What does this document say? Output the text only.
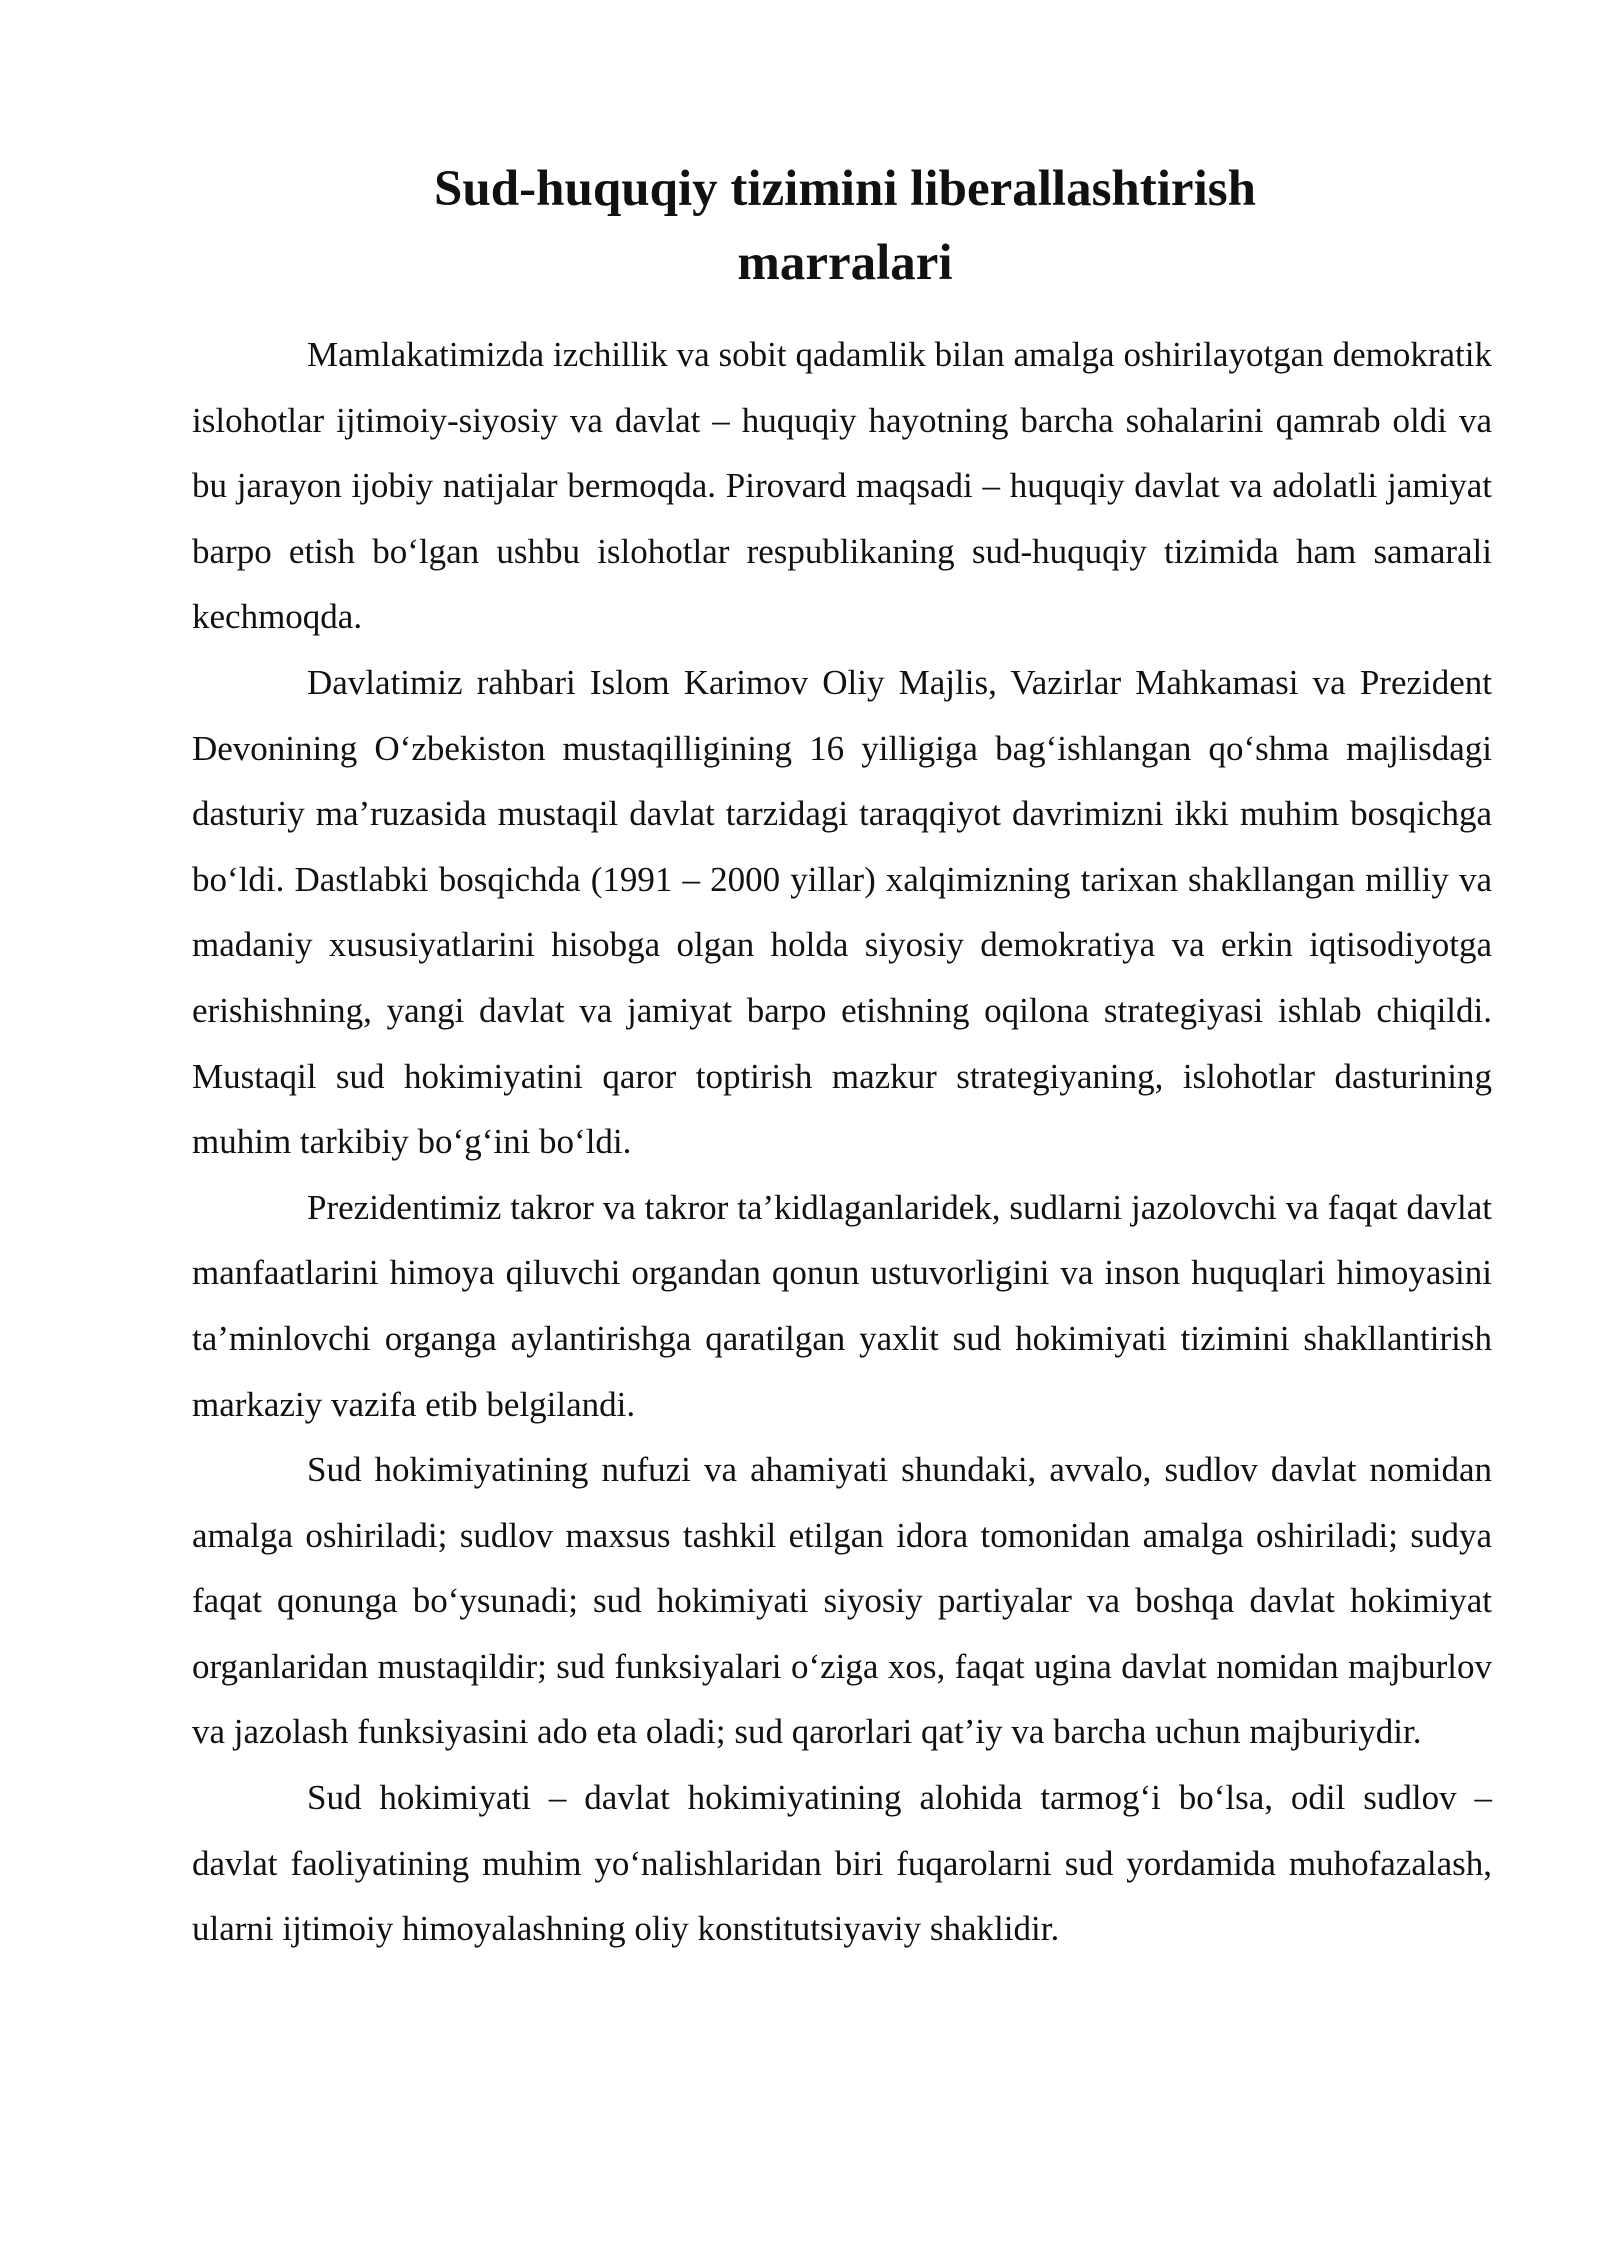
Sud-huquqiy tizimini liberallashtirish
marralari

Mamlakatimizda izchillik va sobit qadamlik bilan amalga oshirilayotgan demokratik islohotlar ijtimoiy-siyosiy va davlat – huquqiy hayotning barcha sohalarini qamrab oldi va bu jarayon ijobiy natijalar bermoqda. Pirovard maqsadi – huquqiy davlat va adolatli jamiyat barpo etish bo‘lgan ushbu islohotlar respublikaning sud-huquqiy tizimida ham samarali kechmoqda.

Davlatimiz rahbari Islom Karimov Oliy Majlis, Vazirlar Mahkamasi va Prezident Devonining O‘zbekiston mustaqilligining 16 yilligiga bag‘ishlangan qo‘shma majlisdagi dasturiy ma’ruzasida mustaqil davlat tarzidagi taraqqiyot davrimizni ikki muhim bosqichga bo‘ldi. Dastlabki bosqichda (1991 – 2000 yillar) xalqimizning tarixan shakllangan milliy va madaniy xususiyatlarini hisobga olgan holda siyosiy demokratiya va erkin iqtisodiyotga erishishning, yangi davlat va jamiyat barpo etishning oqilona strategiyasi ishlab chiqildi. Mustaqil sud hokimiyatini qaror toptirish mazkur strategiyaning, islohotlar dasturining muhim tarkibiy bo‘g‘ini bo‘ldi.

Prezidentimiz takror va takror ta’kidlaganlaridek, sudlarni jazolovchi va faqat davlat manfaatlarini himoya qiluvchi organdan qonun ustuvorligini va inson huquqlari himoyasini ta’minlovchi organga aylantirishga qaratilgan yaxlit sud hokimiyati tizimini shakllantirish markaziy vazifa etib belgilandi.

Sud hokimiyatining nufuzi va ahamiyati shundaki, avvalo, sudlov davlat nomidan amalga oshiriladi; sudlov maxsus tashkil etilgan idora tomonidan amalga oshiriladi; sudya faqat qonunga bo‘ysunadi; sud hokimiyati siyosiy partiyalar va boshqa davlat hokimiyat organlaridan mustaqildir; sud funksiyalari o‘ziga xos, faqat ugina davlat nomidan majburlov va jazolash funksiyasini ado eta oladi; sud qarorlari qat’iy va barcha uchun majburiydir.

Sud hokimiyati – davlat hokimiyatining alohida tarmog‘i bo‘lsa, odil sudlov – davlat faoliyatining muhim yo‘nalishlaridan biri fuqarolarni sud yordamida muhofazalash, ularni ijtimoiy himoyalashning oliy konstitutsiyaviy shaklidir.
